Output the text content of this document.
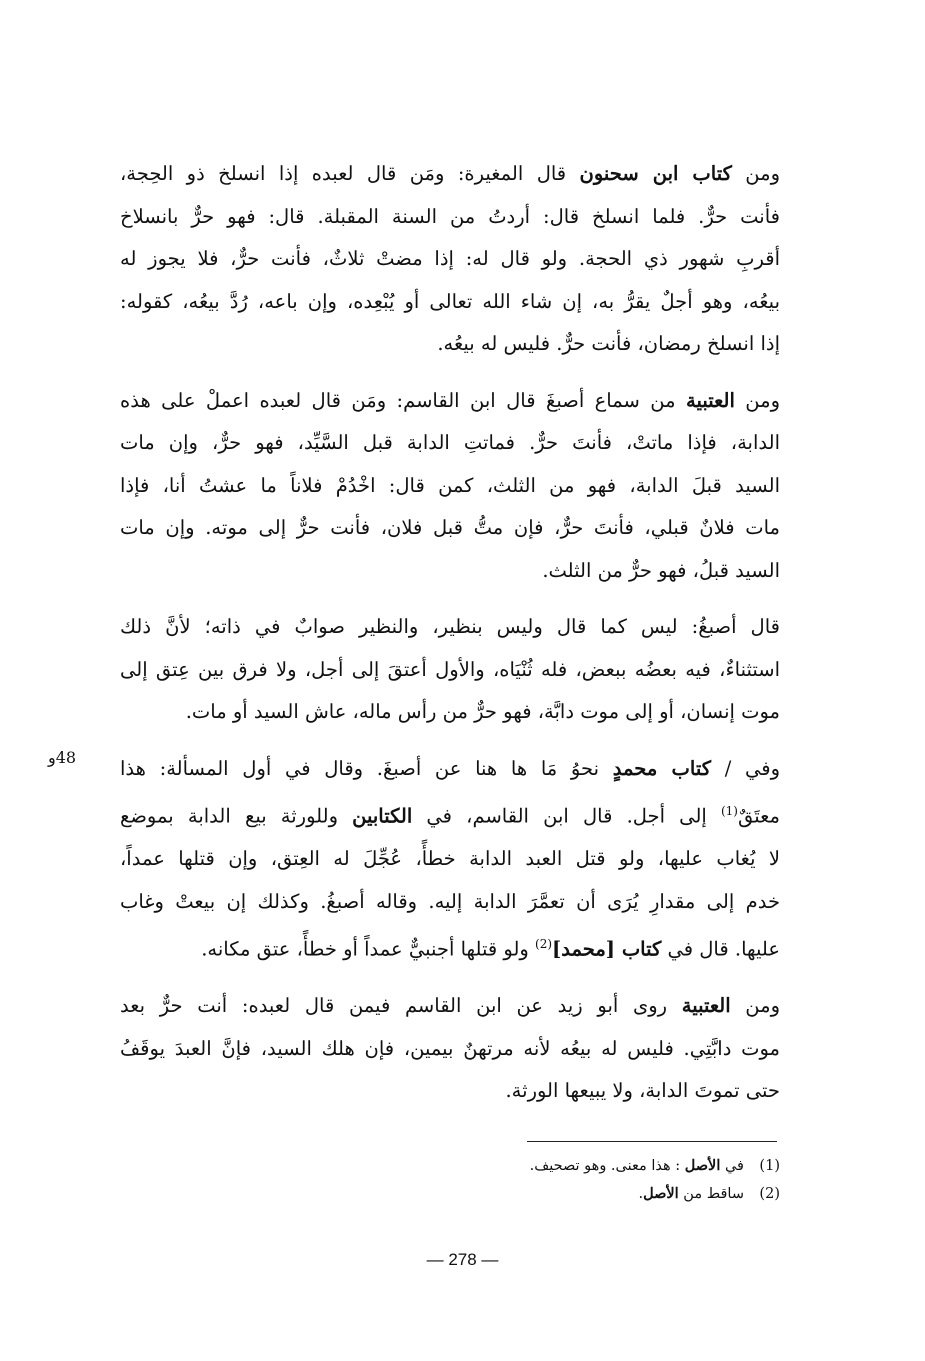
ومن كتاب ابن سحنون قال المغيرة: ومَن قال لعبده إذا انسلخ ذو الحِجة،

فأنت حرٌّ. فلما انسلخ قال: أردتُ من السنة المقبلة. قال: فهو حرٌّ بانسلاخ

أقربِ شهور ذي الحجة. ولو قال له: إذا مضتْ ثلاثٌ، فأنت حرٌّ، فلا يجوز له

بيعُه، وهو أجلٌ يقرُّ به، إن شاء الله تعالى أو يُبْعِده، وإن باعه، رُدَّ بيعُه، كقوله:

إذا انسلخ رمضان، فأنت حرٌّ. فليس له بيعُه.

ومن العتبية من سماع أصبغَ قال ابن القاسم: ومَن قال لعبده اعملْ على هذه

الدابة، فإذا ماتتْ، فأنتَ حرٌّ. فماتتِ الدابة قبل السَّيِّد، فهو حرٌّ، وإن مات

السيد قبلَ الدابة، فهو من الثلث، كمن قال: اخْدُمْ فلاناً ما عشتُ أنا، فإذا

مات فلانٌ قبلي، فأنتَ حرٌّ، فإن متُّ قبل فلان، فأنت حرٌّ إلى موته. وإن مات

السيد قبلُ، فهو حرٌّ من الثلث.

قال أصبغُ: ليس كما قال وليس بنظير، والنظير صوابٌ في ذاته؛ لأنَّ ذلك

استثناءٌ، فيه بعضُه ببعض، فله ثُنْيَاه، والأول أعتقَ إلى أجل، ولا فرق بين عِتق إلى

موت إنسان، أو إلى موت دابَّة، فهو حرٌّ من رأس ماله، عاش السيد أو مات.

وفي / كتاب محمدٍ نحوُ مَا ها هنا عن أصبغَ. وقال في أول المسألة: هذا

معتَقٌ$^{(1)}$ إلى أجل. قال ابن القاسم، في الكتابين وللورثة بيع الدابة بموضع

لا يُغاب عليها، ولو قتل العبد الدابة خطأً، عُجِّلَ له العِتق، وإن قتلها عمداً،

خدم إلى مقدارِ يُرَى أن تعمَّرَ الدابة إليه. وقاله أصبغُ. وكذلك إن بيعتْ وغاب

عليها. قال في كتاب [محمد]$^{(2)}$ ولو قتلها أجنبيٌّ عمداً أو خطأً، عتق مكانه.

ومن العتبية روى أبو زيد عن ابن القاسم فيمن قال لعبده: أنت حرٌّ بعد

موت دابَّتِي. فليس له بيعُه لأنه مرتهنٌ بيمين، فإن هلك السيد، فإنَّ العبدَ يوقَفُ

حتى تموتَ الدابة، ولا يبيعها الورثة.

48و
(1)
في الأصل : هذا معنى. وهو تصحيف.
(2)
ساقط من الأصل.
— 278 —
